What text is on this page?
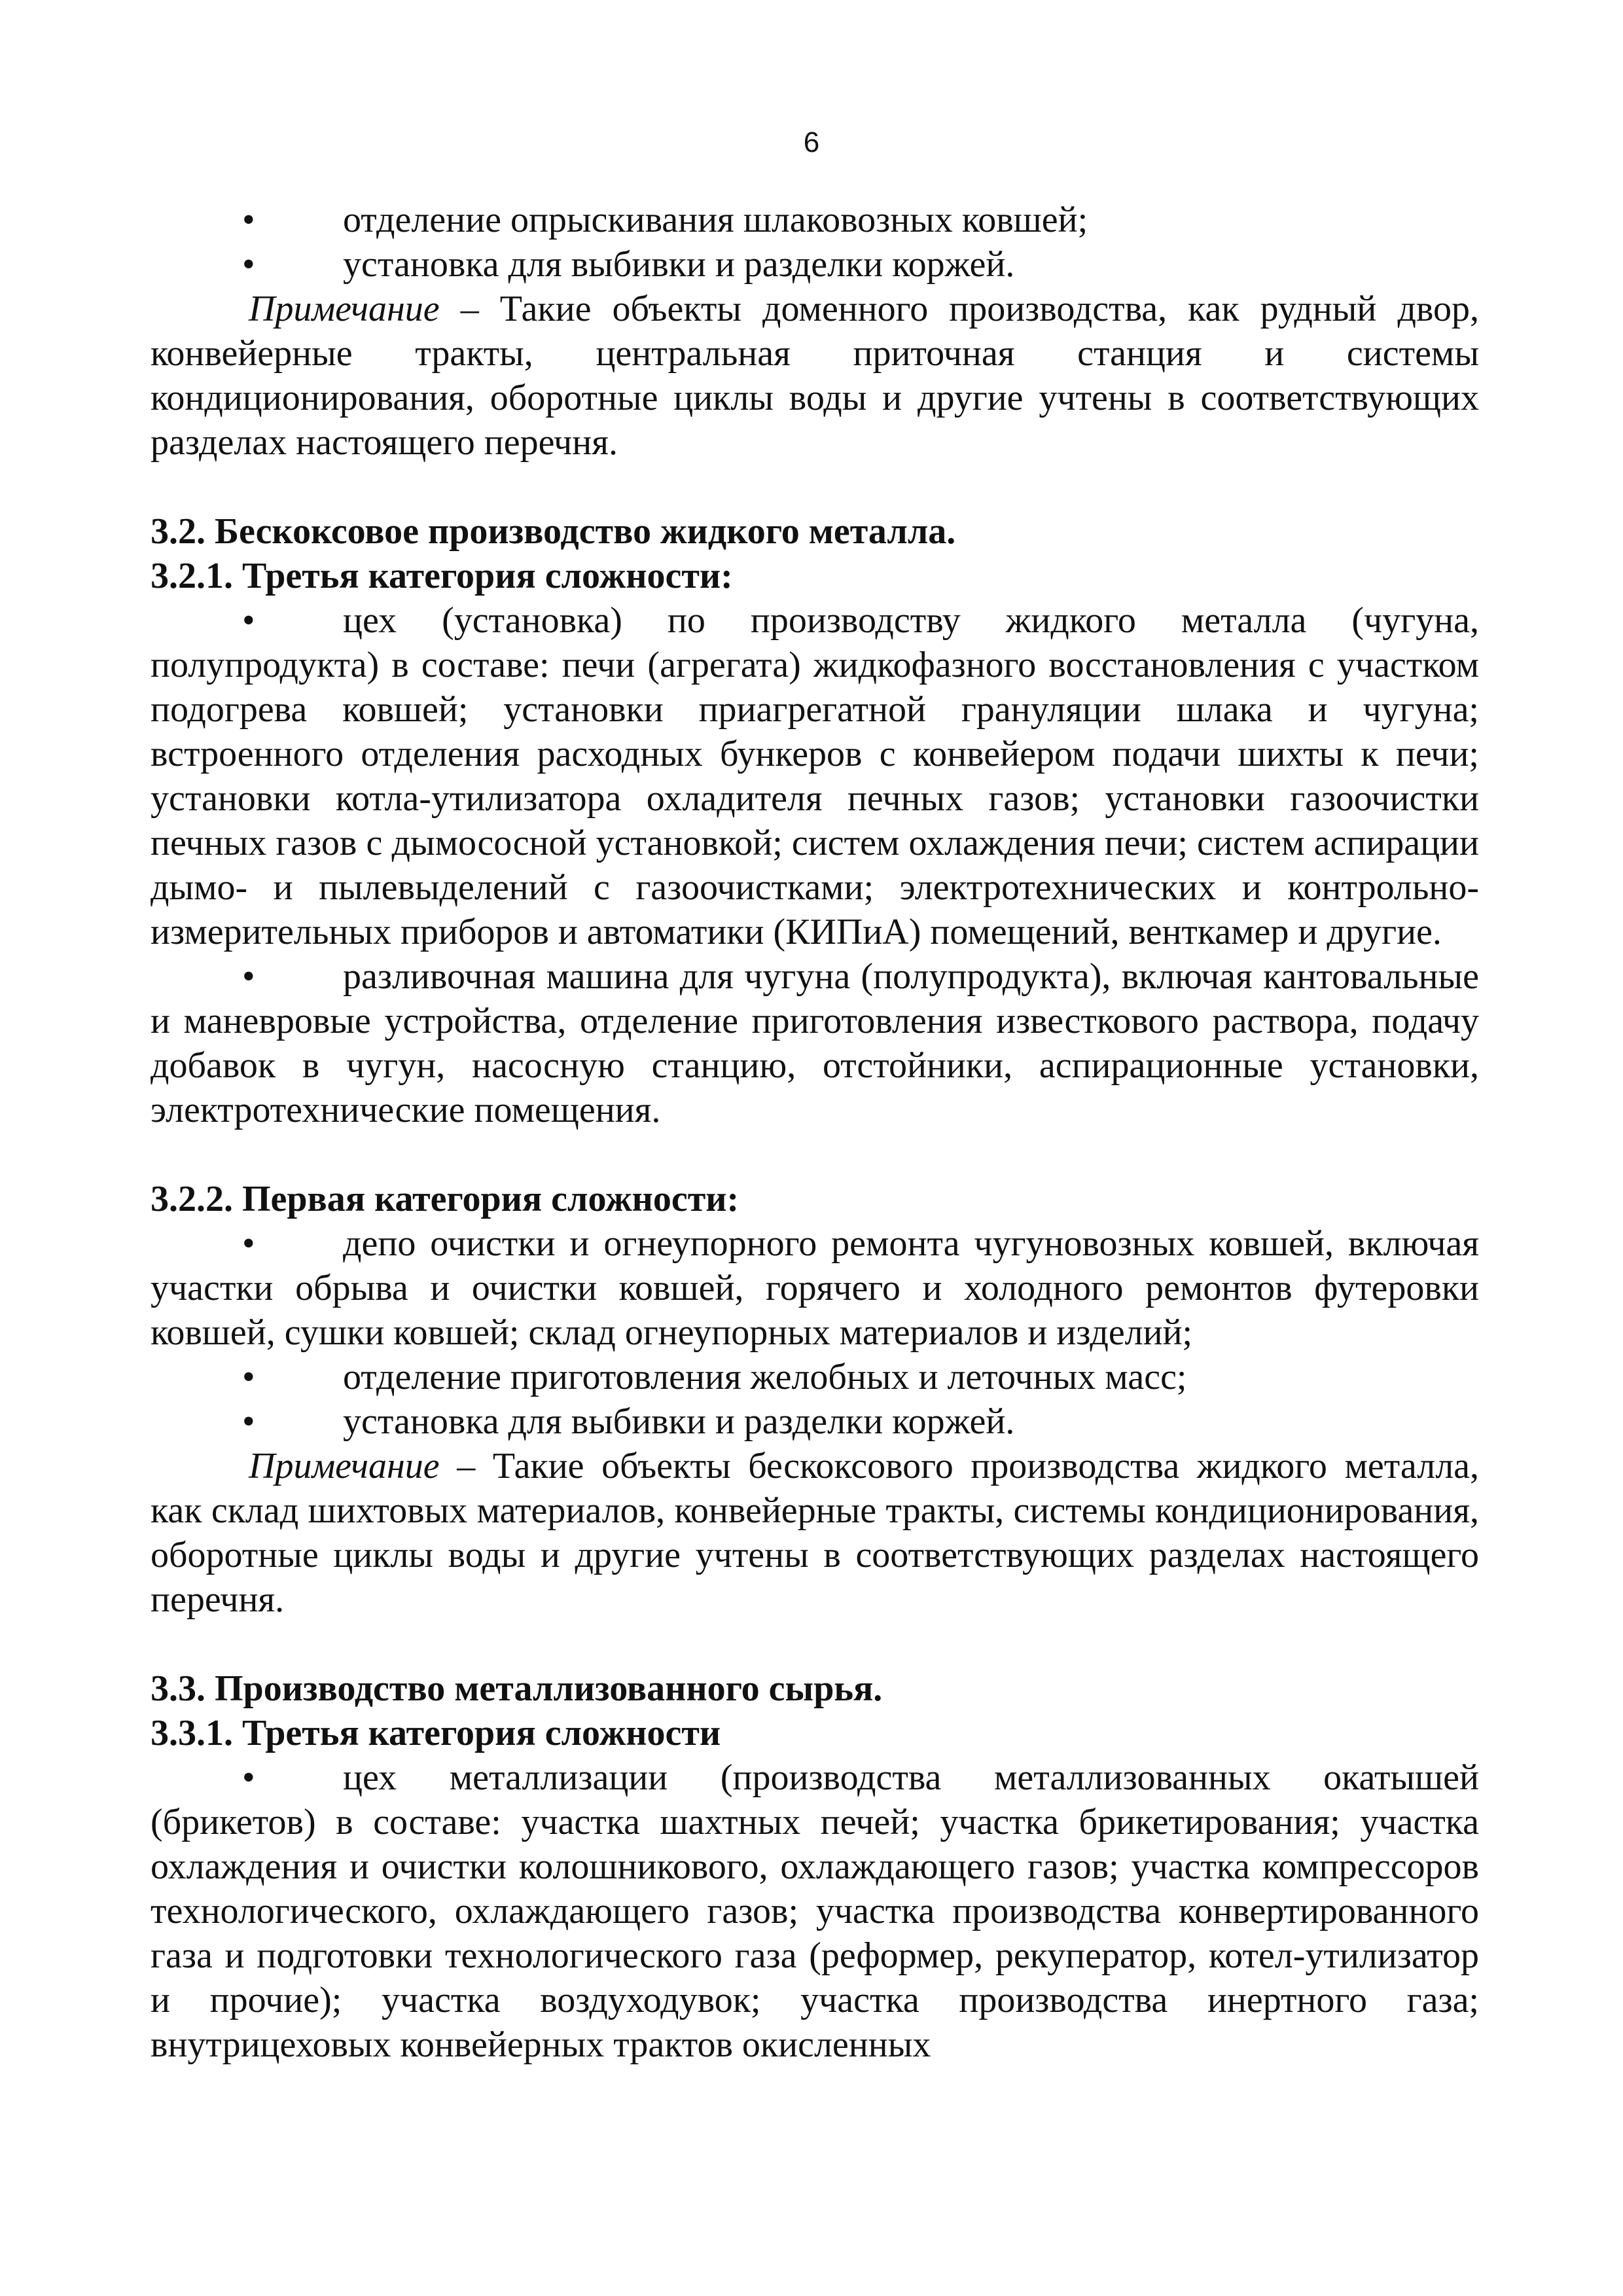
6
• отделение опрыскивания шлаковозных ковшей;
• установка для выбивки и разделки коржей.
Примечание – Такие объекты доменного производства, как рудный двор, конвейерные тракты, центральная приточная станция и системы кондиционирования, оборотные циклы воды и другие учтены в соответствующих разделах настоящего перечня.
3.2. Бескоксовое производство жидкого металла.
3.2.1. Третья категория сложности:
• цех (установка) по производству жидкого металла (чугуна, полупродукта) в составе: печи (агрегата) жидкофазного восстановления с участком подогрева ковшей; установки приагрегатной грануляции шлака и чугуна; встроенного отделения расходных бункеров с конвейером подачи шихты к печи; установки котла-утилизатора охладителя печных газов; установки газоочистки печных газов с дымососной установкой; систем охлаждения печи; систем аспирации дымо- и пылевыделений с газоочистками; электротехнических и контрольно-измерительных приборов и автоматики (КИПиА) помещений, венткамер и другие.
• разливочная машина для чугуна (полупродукта), включая кантовальные и маневровые устройства, отделение приготовления известкового раствора, подачу добавок в чугун, насосную станцию, отстойники, аспирационные установки, электротехнические помещения.
3.2.2. Первая категория сложности:
• депо очистки и огнеупорного ремонта чугуновозных ковшей, включая участки обрыва и очистки ковшей, горячего и холодного ремонтов футеровки ковшей, сушки ковшей; склад огнеупорных материалов и изделий;
• отделение приготовления желобных и леточных масс;
• установка для выбивки и разделки коржей.
Примечание – Такие объекты бескоксового производства жидкого металла, как склад шихтовых материалов, конвейерные тракты, системы кондиционирования, оборотные циклы воды и другие учтены в соответствующих разделах настоящего перечня.
3.3. Производство металлизованного сырья.
3.3.1. Третья категория сложности
• цех металлизации (производства металлизованных окатышей (брикетов) в составе: участка шахтных печей; участка брикетирования; участка охлаждения и очистки колошникового, охлаждающего газов; участка компрессоров технологического, охлаждающего газов; участка производства конвертированного газа и подготовки технологического газа (реформер, рекуператор, котел-утилизатор и прочие); участка воздуходувок; участка производства инертного газа; внутрицеховых конвейерных трактов окисленных
